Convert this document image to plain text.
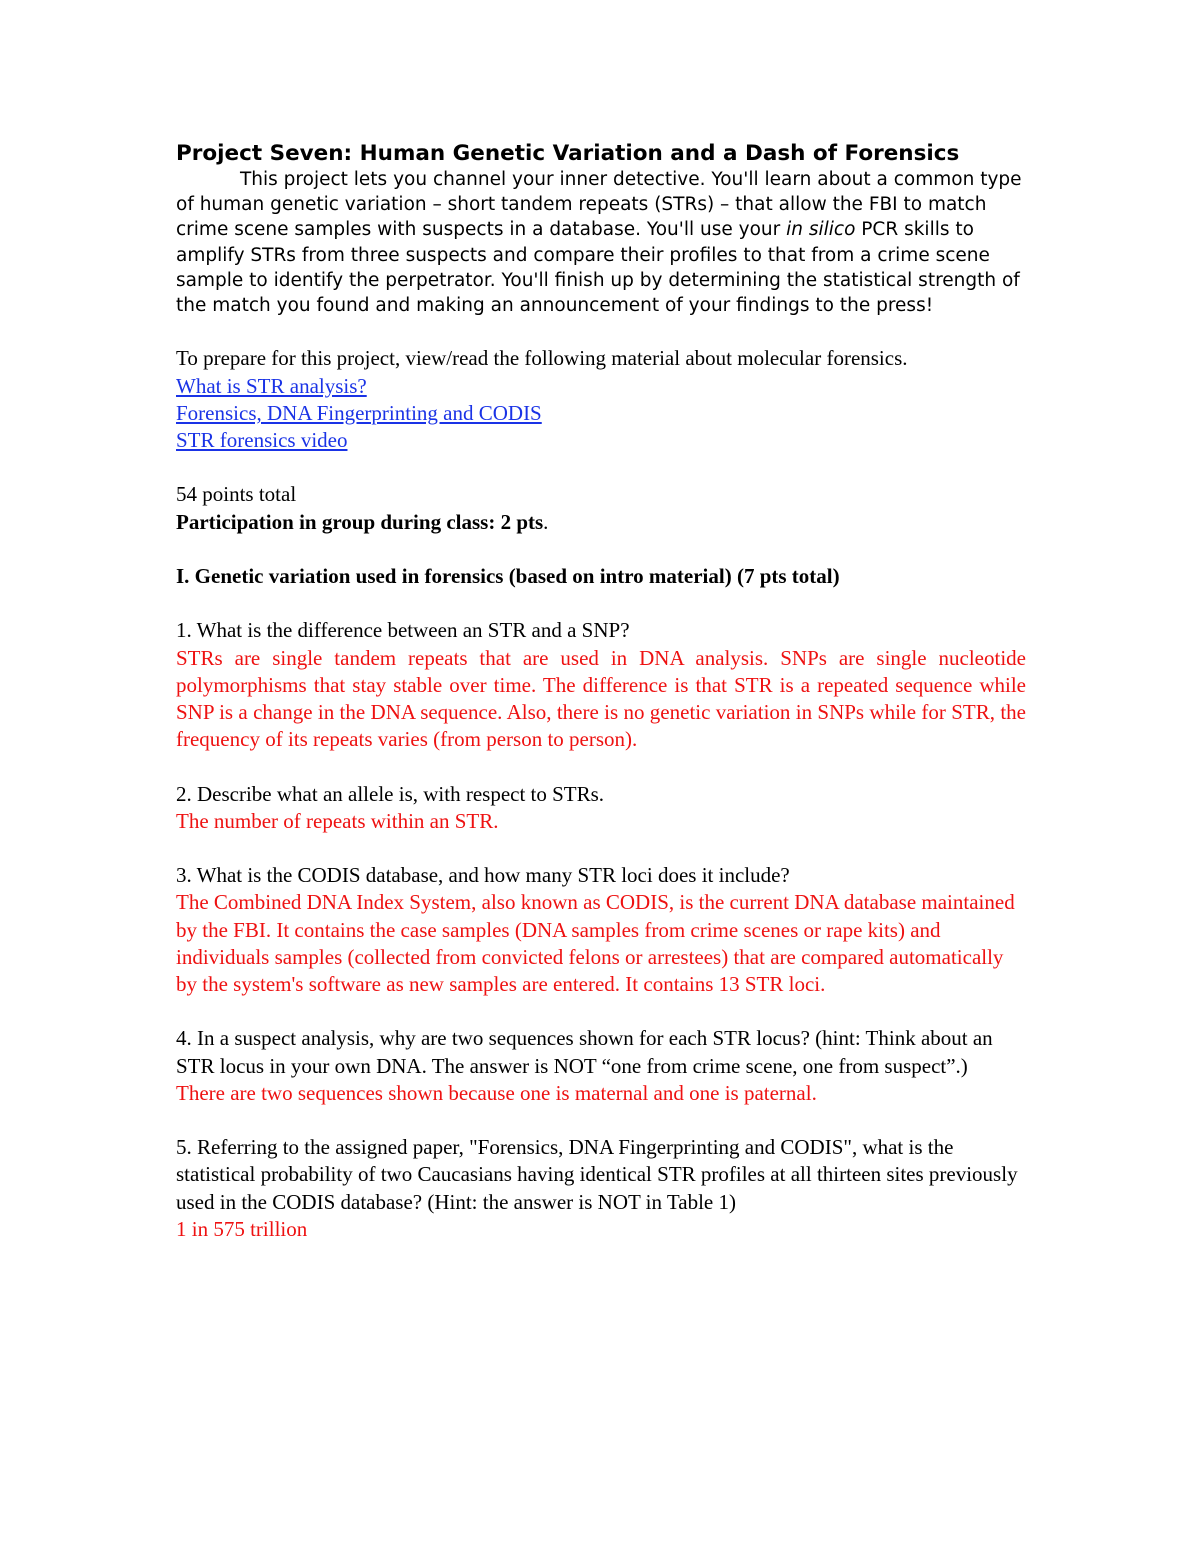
Project Seven: Human Genetic Variation and a Dash of Forensics

This project lets you channel your inner detective. You'll learn about a common type of human genetic variation – short tandem repeats (STRs) – that allow the FBI to match crime scene samples with suspects in a database. You'll use your in silico PCR skills to amplify STRs from three suspects and compare their profiles to that from a crime scene sample to identify the perpetrator. You'll finish up by determining the statistical strength of the match you found and making an announcement of your findings to the press!

To prepare for this project, view/read the following material about molecular forensics.

What is STR analysis?
Forensics, DNA Fingerprinting and CODIS
STR forensics video

54 points total

Participation in group during class: 2 pts.

I. Genetic variation used in forensics (based on intro material) (7 pts total)

1. What is the difference between an STR and a SNP?

STRs are single tandem repeats that are used in DNA analysis. SNPs are single nucleotide polymorphisms that stay stable over time. The difference is that STR is a repeated sequence while SNP is a change in the DNA sequence. Also, there is no genetic variation in SNPs while for STR, the frequency of its repeats varies (from person to person).

2. Describe what an allele is, with respect to STRs.

The number of repeats within an STR.

3. What is the CODIS database, and how many STR loci does it include?

The Combined DNA Index System, also known as CODIS, is the current DNA database maintained by the FBI. It contains the case samples (DNA samples from crime scenes or rape kits) and individuals samples (collected from convicted felons or arrestees) that are compared automatically by the system's software as new samples are entered. It contains 13 STR loci.

4. In a suspect analysis, why are two sequences shown for each STR locus? (hint: Think about an STR locus in your own DNA. The answer is NOT “one from crime scene, one from suspect”.)

There are two sequences shown because one is maternal and one is paternal.

5. Referring to the assigned paper, "Forensics, DNA Fingerprinting and CODIS", what is the statistical probability of two Caucasians having identical STR profiles at all thirteen sites previously used in the CODIS database? (Hint: the answer is NOT in Table 1)

1 in 575 trillion
